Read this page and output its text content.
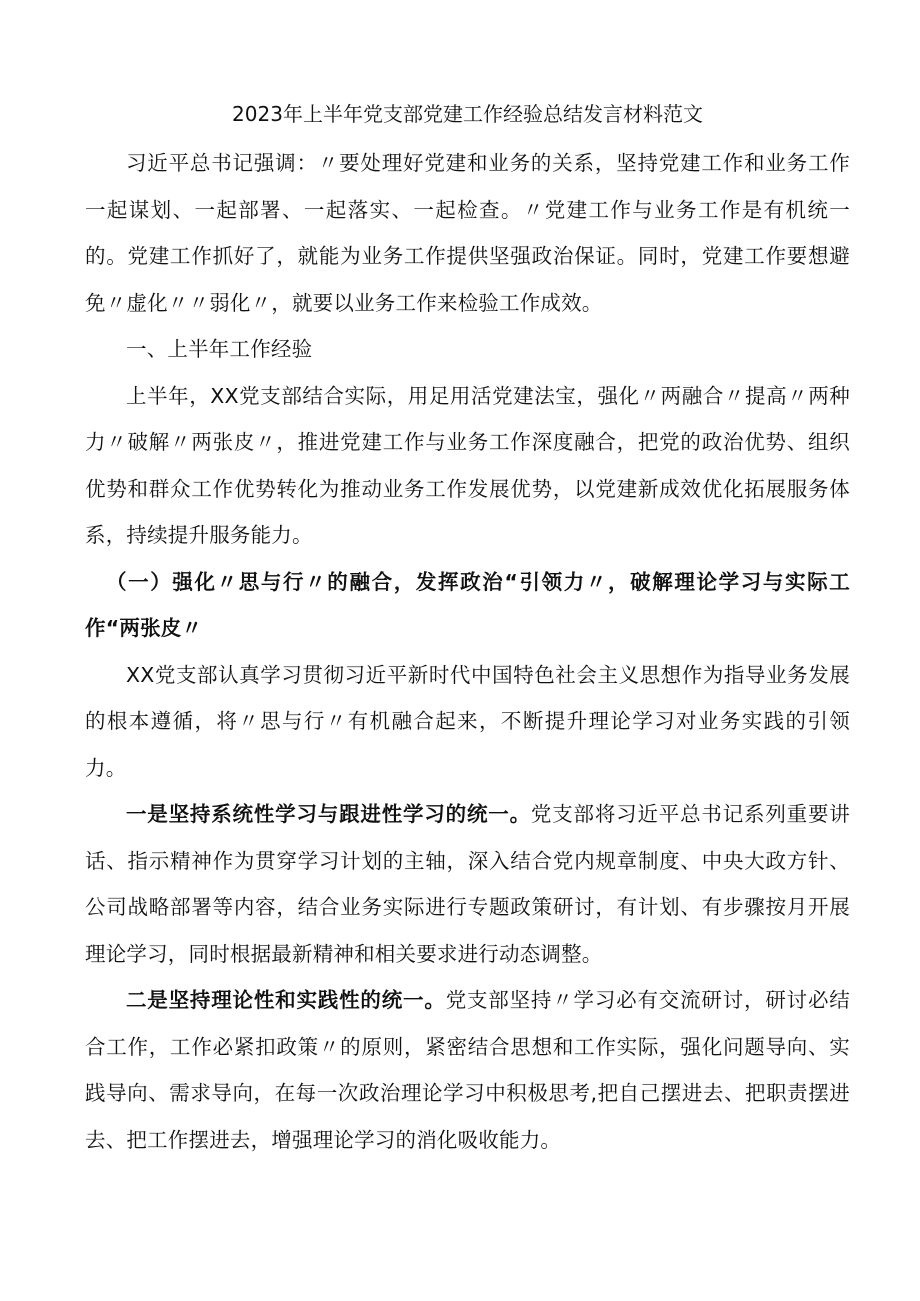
2023年上半年党支部党建工作经验总结发言材料范文

习近平总书记强调：〃要处理好党建和业务的关系，坚持党建工作和业务工作一起谋划、一起部署、一起落实、一起检查。〃党建工作与业务工作是有机统一的。党建工作抓好了，就能为业务工作提供坚强政治保证。同时，党建工作要想避免〃虚化〃〃弱化〃，就要以业务工作来检验工作成效。

一、上半年工作经验

上半年，XX党支部结合实际，用足用活党建法宝，强化〃两融合〃提高〃两种力〃破解〃两张皮〃，推进党建工作与业务工作深度融合，把党的政治优势、组织优势和群众工作优势转化为推动业务工作发展优势，以党建新成效优化拓展服务体系，持续提升服务能力。

（一）强化〃思与行〃的融合，发挥政治“引领力〃，破解理论学习与实际工作“两张皮〃

XX党支部认真学习贯彻习近平新时代中国特色社会主义思想作为指导业务发展的根本遵循，将〃思与行〃有机融合起来，不断提升理论学习对业务实践的引领力。

一是坚持系统性学习与跟进性学习的统一。党支部将习近平总书记系列重要讲话、指示精神作为贯穿学习计划的主轴，深入结合党内规章制度、中央大政方针、公司战略部署等内容，结合业务实际进行专题政策研讨，有计划、有步骤按月开展理论学习，同时根据最新精神和相关要求进行动态调整。

二是坚持理论性和实践性的统一。党支部坚持〃学习必有交流研讨，研讨必结合工作，工作必紧扣政策〃的原则，紧密结合思想和工作实际，强化问题导向、实践导向、需求导向，在每一次政治理论学习中积极思考,把自己摆进去、把职责摆进去、把工作摆进去，增强理论学习的消化吸收能力。
